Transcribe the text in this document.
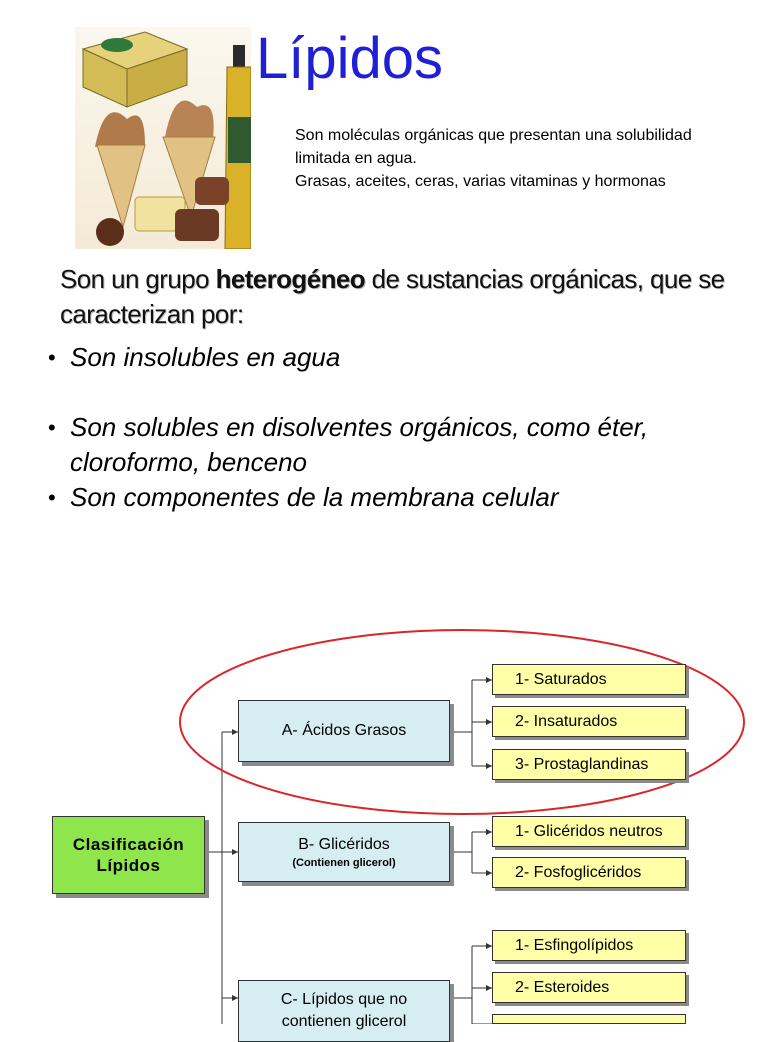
Lípidos

Son moléculas orgánicas que presentan una solubilidad limitada en agua.

Grasas, aceites, ceras, varias vitaminas y hormonas

Son un grupo heterogéneo de sustancias orgánicas, que se caracterizan por:
• Son insolubles en agua
• Son solubles en disolventes orgánicos, como éter, cloroformo, benceno
• Son componentes de la membrana celular
Clasificación Lípidos
A- Ácidos Grasos
B- Glicéridos
(Contienen glicerol)
C- Lípidos que no contienen glicerol
1- Saturados
2- Insaturados
3- Prostaglandinas
1- Glicéridos neutros
2- Fosfoglicéridos
1- Esfingolípidos
2- Esteroides
